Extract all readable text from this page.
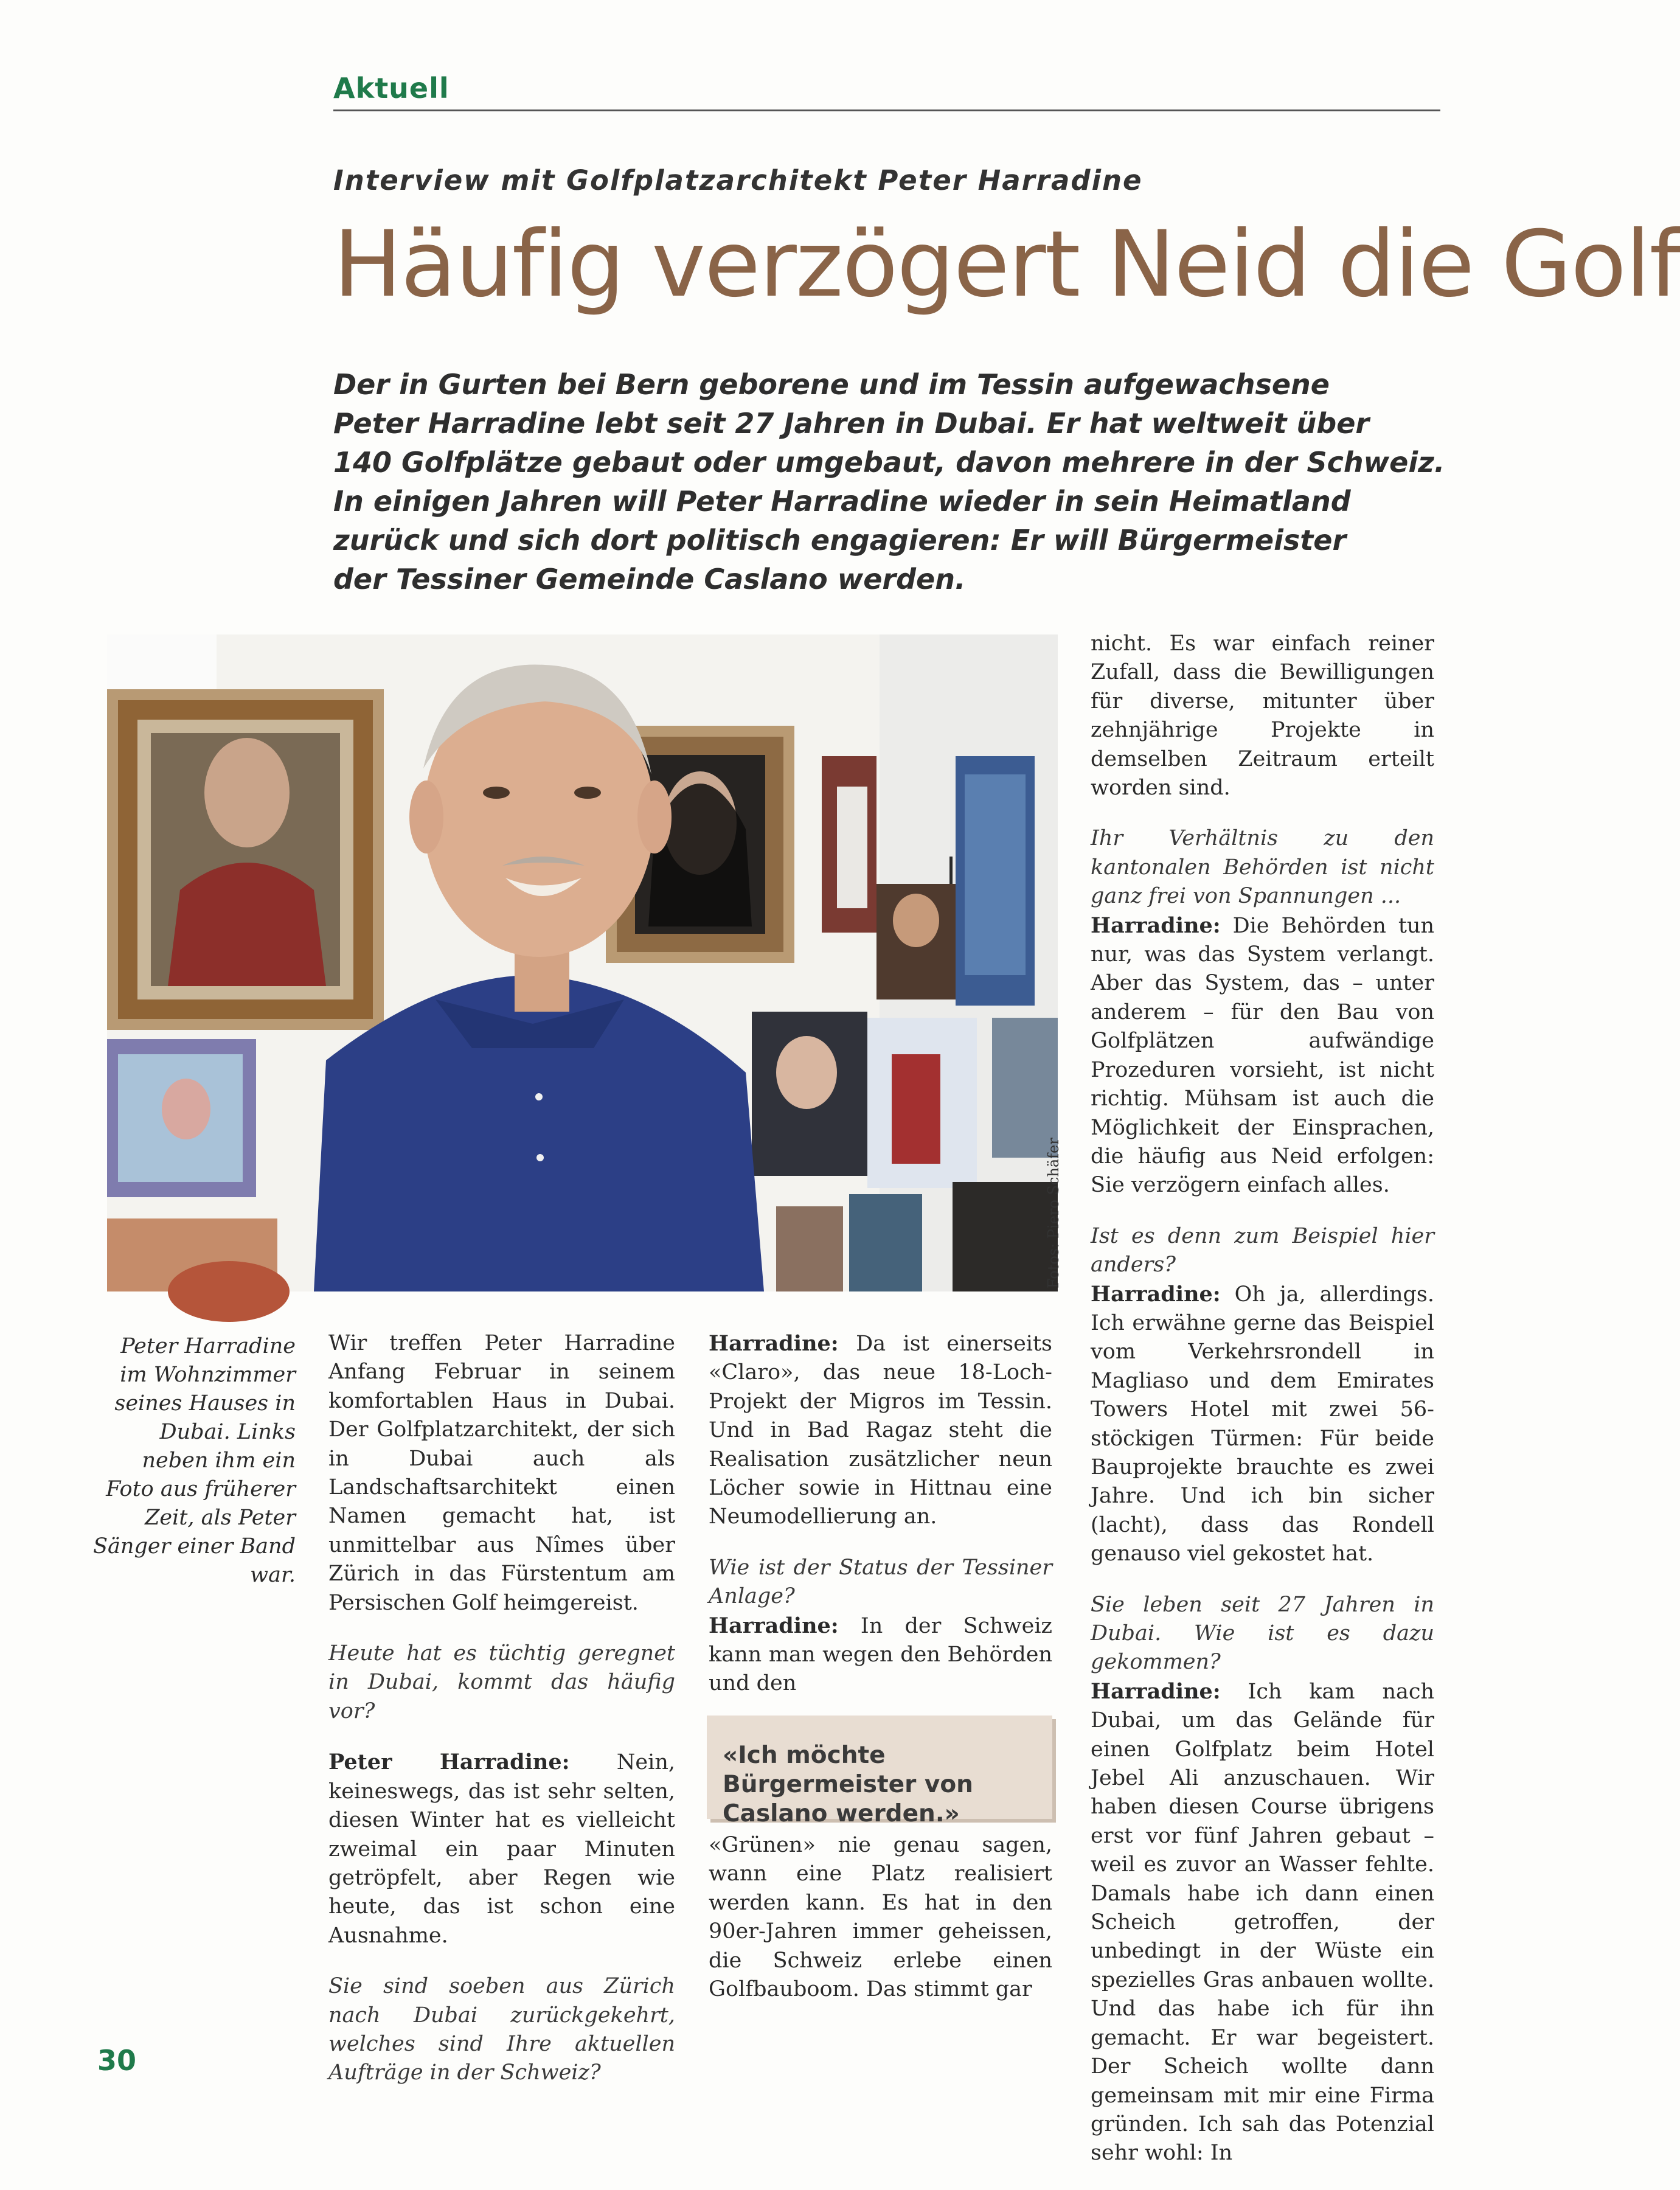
Aktuell
Interview mit Golfplatzarchitekt Peter Harradine
Häufig verzögert Neid die Golf
Der in Gurten bei Bern geborene und im Tessin aufgewachsene
Peter Harradine lebt seit 27 Jahren in Dubai. Er hat weltweit über
140 Golfplätze gebaut oder umgebaut, davon mehrere in der Schweiz.
In einigen Jahren will Peter Harradine wieder in sein Heimatland
zurück und sich dort politisch engagieren: Er will Bürgermeister
der Tessiner Gemeinde Caslano werden.
Fotos: Piero Schäfer
Peter Harradine im Wohnzimmer seines Hauses in Dubai. Links neben ihm ein Foto aus früherer Zeit, als Peter Sänger einer Band war.

Wir treffen Peter Harradine Anfang Februar in seinem komfortablen Haus in Dubai. Der Golfplatzarchitekt, der sich in Dubai auch als Landschaftsarchitekt einen Namen gemacht hat, ist unmittelbar aus Nîmes über Zürich in das Fürstentum am Persischen Golf heimgereist.

Heute hat es tüchtig geregnet in Dubai, kommt das häufig vor?

Peter Harradine: Nein, keineswegs, das ist sehr selten, diesen Winter hat es vielleicht zweimal ein paar Minuten getröpfelt, aber Regen wie heute, das ist schon eine Ausnahme.

Sie sind soeben aus Zürich nach Dubai zurückgekehrt, welches sind Ihre aktuellen Aufträge in der Schweiz?

Harradine: Da ist einerseits «Claro», das neue 18-Loch-Projekt der Migros im Tessin. Und in Bad Ragaz steht die Realisation zusätzlicher neun Löcher sowie in Hittnau eine Neumodellierung an.

Wie ist der Status der Tessiner Anlage?

Harradine: In der Schweiz kann man wegen den Behörden und den

«Ich möchte Bürgermeister von Caslano werden.»

«Grünen» nie genau sagen, wann eine Platz realisiert werden kann. Es hat in den 90er-Jahren immer geheissen, die Schweiz erlebe einen Golfbauboom. Das stimmt gar

nicht. Es war einfach reiner Zufall, dass die Bewilligungen für diverse, mitunter über zehnjährige Projekte in demselben Zeitraum erteilt worden sind.

Ihr Verhältnis zu den kantonalen Behörden ist nicht ganz frei von Spannungen ...

Harradine: Die Behörden tun nur, was das System verlangt. Aber das System, das – unter anderem – für den Bau von Golfplätzen aufwändige Prozeduren vorsieht, ist nicht richtig. Mühsam ist auch die Möglichkeit der Einsprachen, die häufig aus Neid erfolgen: Sie verzögern einfach alles.

Ist es denn zum Beispiel hier anders?

Harradine: Oh ja, allerdings. Ich erwähne gerne das Beispiel vom Verkehrsrondell in Magliaso und dem Emirates Towers Hotel mit zwei 56-stöckigen Türmen: Für beide Bauprojekte brauchte es zwei Jahre. Und ich bin sicher (lacht), dass das Rondell genauso viel gekostet hat.

Sie leben seit 27 Jahren in Dubai. Wie ist es dazu gekommen?

Harradine: Ich kam nach Dubai, um das Gelände für einen Golfplatz beim Hotel Jebel Ali anzuschauen. Wir haben diesen Course übrigens erst vor fünf Jahren gebaut – weil es zuvor an Wasser fehlte. Damals habe ich dann einen Scheich getroffen, der unbedingt in der Wüste ein spezielles Gras anbauen wollte. Und das habe ich für ihn gemacht. Er war begeistert. Der Scheich wollte dann gemeinsam mit mir eine Firma gründen. Ich sah das Potenzial sehr wohl: In

30
